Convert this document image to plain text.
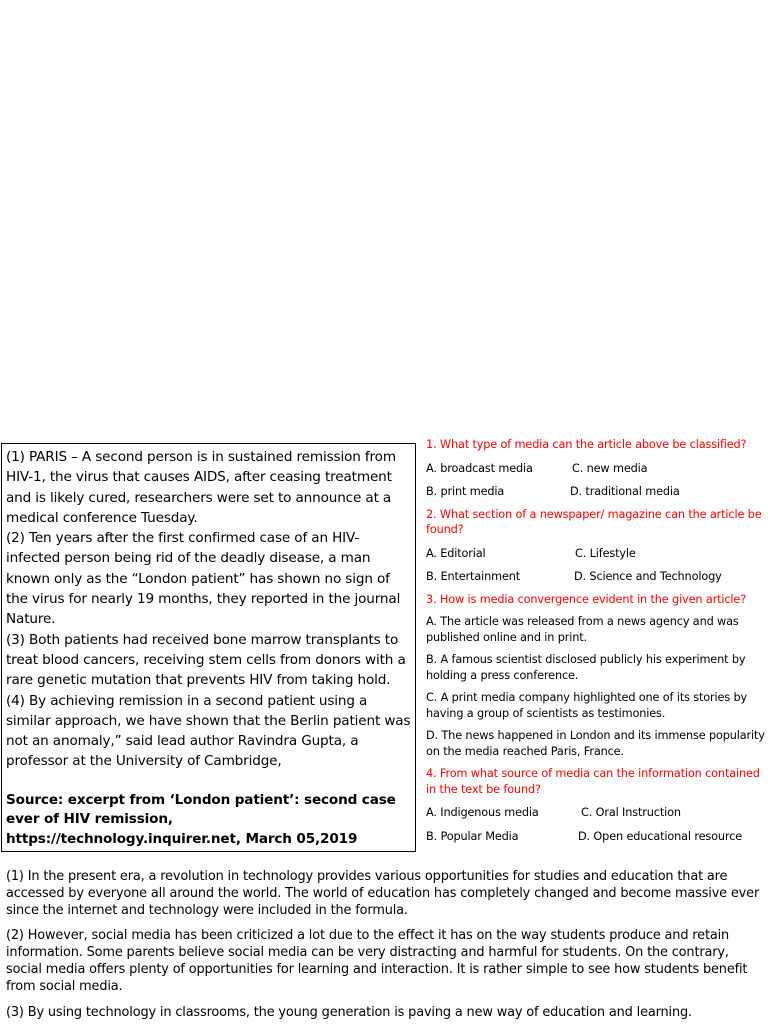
(1) PARIS – A second person is in sustained remission from HIV-1, the virus that causes AIDS, after ceasing treatment and is likely cured, researchers were set to announce at a medical conference Tuesday.

(2) Ten years after the first confirmed case of an HIV-infected person being rid of the deadly disease, a man known only as the “London patient” has shown no sign of the virus for nearly 19 months, they reported in the journal Nature.

(3) Both patients had received bone marrow transplants to treat blood cancers, receiving stem cells from donors with a rare genetic mutation that prevents HIV from taking hold.

(4) By achieving remission in a second patient using a similar approach, we have shown that the Berlin patient was not an anomaly,” said lead author Ravindra Gupta, a professor at the University of Cambridge,

Source: excerpt from ‘London patient’: second case ever of HIV remission, https://technology.inquirer.net, March 05,2019

1. What type of media can the article above be classified?

A. broadcast media	C. new media
B. print media	D. traditional media

2. What section of a newspaper/ magazine can the article be found?

A. Editorial	C. Lifestyle
B. Entertainment	D. Science and Technology

3. How is media convergence evident in the given article?

A. The article was released from a news agency and was published online and in print.

B. A famous scientist disclosed publicly his experiment by holding a press conference.

C. A print media company highlighted one of its stories by having a group of scientists as testimonies.

D. The news happened in London and its immense popularity on the media reached Paris, France.

4. From what source of media can the information contained in the text be found?

A. Indigenous media	C. Oral Instruction
B. Popular Media	D. Open educational resource

(1) In the present era, a revolution in technology provides various opportunities for studies and education that are accessed by everyone all around the world. The world of education has completely changed and become massive ever since the internet and technology were included in the formula.

(2) However, social media has been criticized a lot due to the effect it has on the way students produce and retain information. Some parents believe social media can be very distracting and harmful for students. On the contrary, social media offers plenty of opportunities for learning and interaction. It is rather simple to see how students benefit from social media.

(3) By using technology in classrooms, the young generation is paving a new way of education and learning.
